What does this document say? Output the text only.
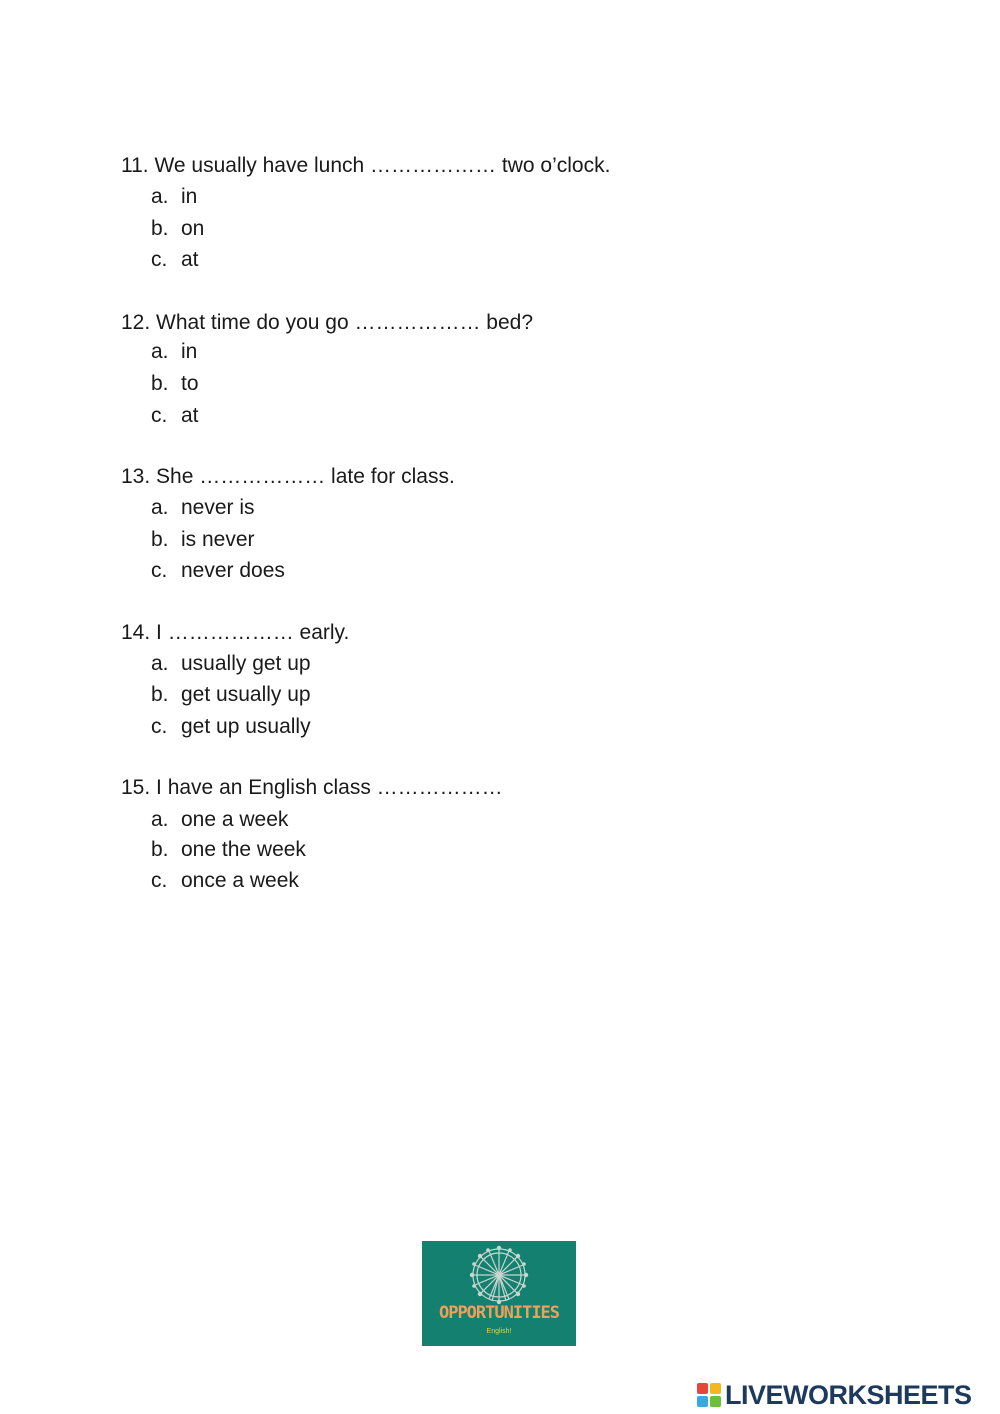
11. We usually have lunch ……………… two o’clock.
a. in
b. on
c. at
12. What time do you go ……………… bed?
a. in
b. to
c. at
13. She ……………… late for class.
a. never is
b. is never
c. never does
14. I ……………… early.
a. usually get up
b. get usually up
c. get up usually
15. I have an English class ………………
a. one a week
b. one the week
c. once a week
OPPORTUNITIES
English!
LIVEWORKSHEETS
